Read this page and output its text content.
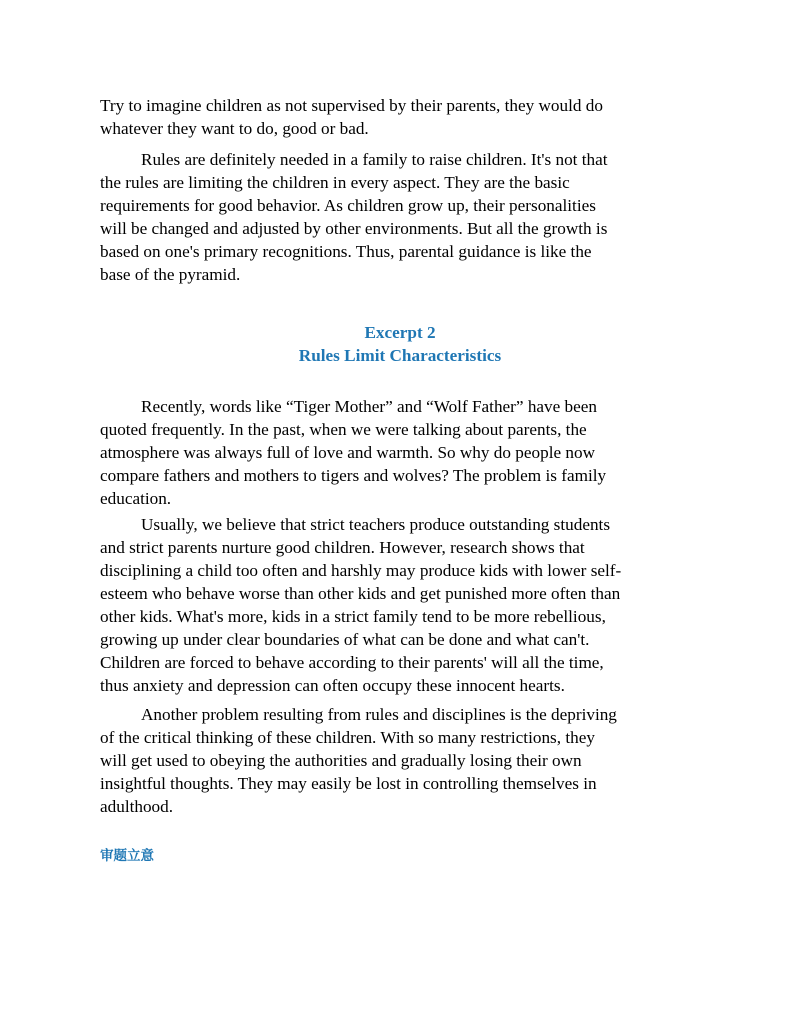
Try to imagine children as not supervised by their parents, they would do
whatever they want to do, good or bad.

Rules are definitely needed in a family to raise children. It's not that
the rules are limiting the children in every aspect. They are the basic
requirements for good behavior. As children grow up, their personalities
will be changed and adjusted by other environments. But all the growth is
based on one's primary recognitions. Thus, parental guidance is like the
base of the pyramid.

Excerpt 2
Rules Limit Characteristics

Recently, words like “Tiger Mother” and “Wolf Father” have been
quoted frequently. In the past, when we were talking about parents, the
atmosphere was always full of love and warmth. So why do people now
compare fathers and mothers to tigers and wolves? The problem is family
education.

Usually, we believe that strict teachers produce outstanding students
and strict parents nurture good children. However, research shows that
disciplining a child too often and harshly may produce kids with lower self-
esteem who behave worse than other kids and get punished more often than
other kids. What's more, kids in a strict family tend to be more rebellious,
growing up under clear boundaries of what can be done and what can't.
Children are forced to behave according to their parents' will all the time,
thus anxiety and depression can often occupy these innocent hearts.

Another problem resulting from rules and disciplines is the depriving
of the critical thinking of these children. With so many restrictions, they
will get used to obeying the authorities and gradually losing their own
insightful thoughts. They may easily be lost in controlling themselves in
adulthood.

审题立意
